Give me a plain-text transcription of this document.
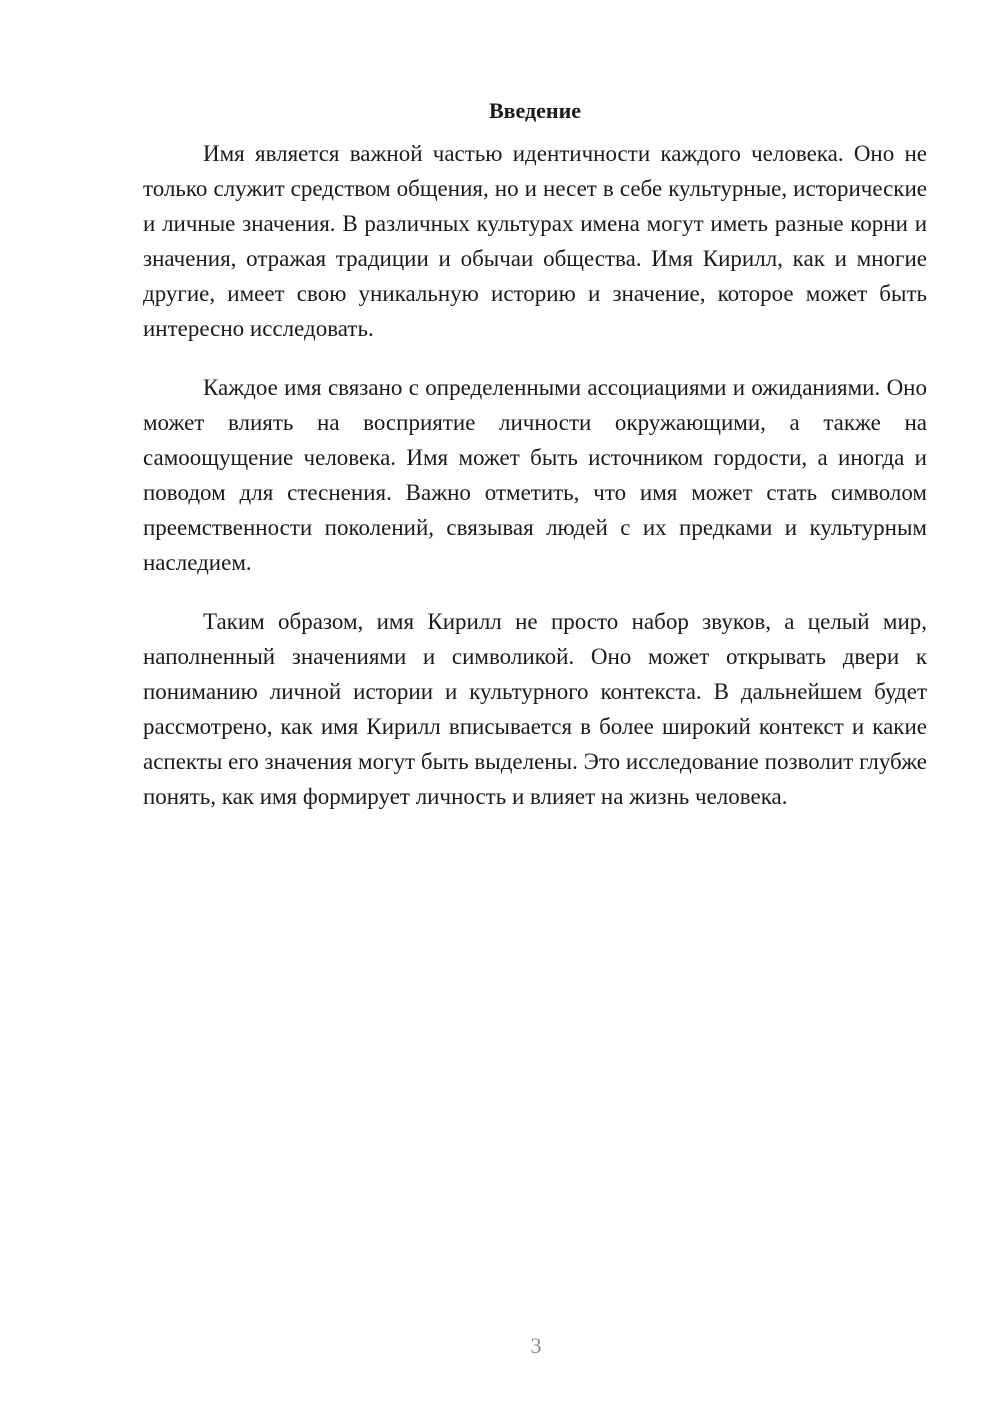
Введение

Имя является важной частью идентичности каждого человека. Оно не только служит средством общения, но и несет в себе культурные, исторические и личные значения. В различных культурах имена могут иметь разные корни и значения, отражая традиции и обычаи общества. Имя Кирилл, как и многие другие, имеет свою уникальную историю и значение, которое может быть интересно исследовать.

Каждое имя связано с определенными ассоциациями и ожиданиями. Оно может влиять на восприятие личности окружающими, а также на самоощущение человека. Имя может быть источником гордости, а иногда и поводом для стеснения. Важно отметить, что имя может стать символом преемственности поколений, связывая людей с их предками и культурным наследием.

Таким образом, имя Кирилл не просто набор звуков, а целый мир, наполненный значениями и символикой. Оно может открывать двери к пониманию личной истории и культурного контекста. В дальнейшем будет рассмотрено, как имя Кирилл вписывается в более широкий контекст и какие аспекты его значения могут быть выделены. Это исследование позволит глубже понять, как имя формирует личность и влияет на жизнь человека.

3
